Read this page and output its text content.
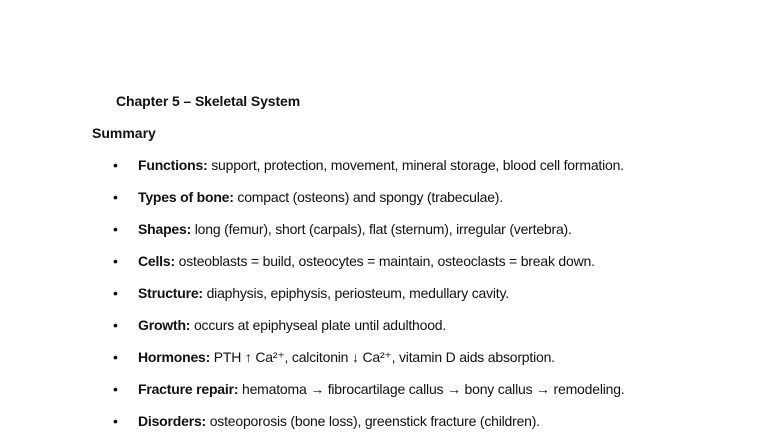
Chapter 5 – Skeletal System
Summary
• Functions: support, protection, movement, mineral storage, blood cell formation.
• Types of bone: compact (osteons) and spongy (trabeculae).
• Shapes: long (femur), short (carpals), flat (sternum), irregular (vertebra).
• Cells: osteoblasts = build, osteocytes = maintain, osteoclasts = break down.
• Structure: diaphysis, epiphysis, periosteum, medullary cavity.
• Growth: occurs at epiphyseal plate until adulthood.
• Hormones: PTH ↑ Ca²⁺, calcitonin ↓ Ca²⁺, vitamin D aids absorption.
• Fracture repair: hematoma → fibrocartilage callus → bony callus → remodeling.
• Disorders: osteoporosis (bone loss), greenstick fracture (children).
